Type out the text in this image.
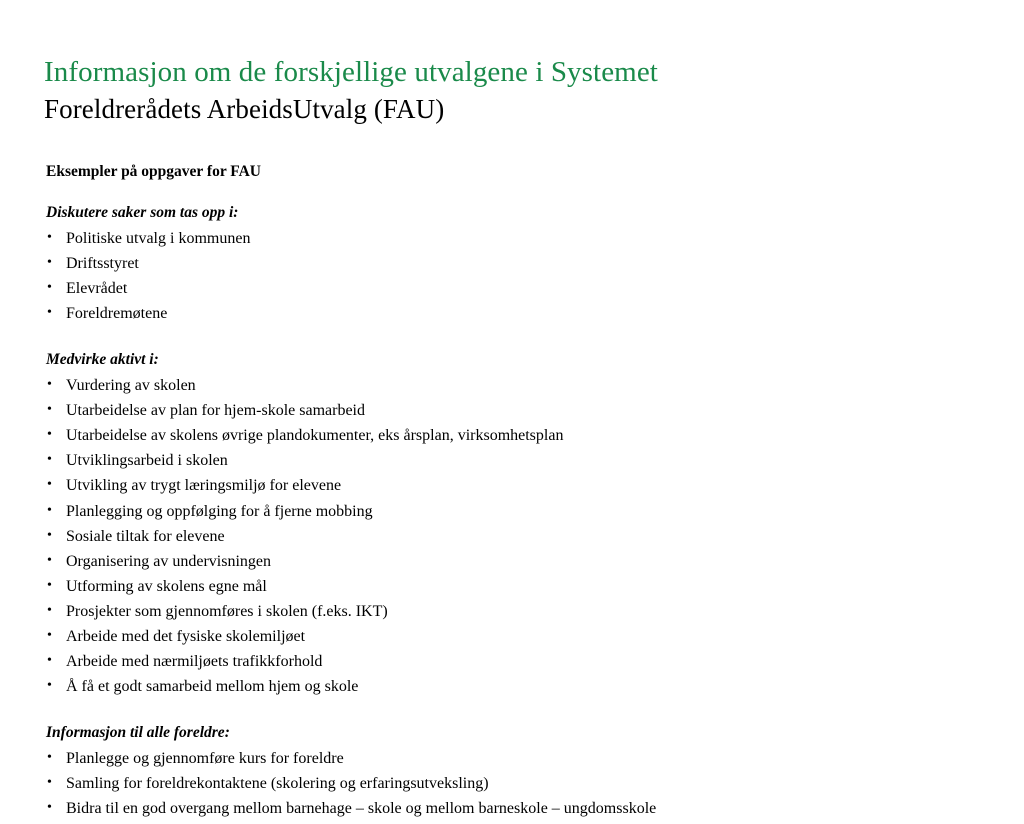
Informasjon om de forskjellige utvalgene i Systemet
Foreldrerådets ArbeidsUtvalg (FAU)

Eksempler på oppgaver for FAU

Diskutere saker som tas opp i:

• Politiske utvalg i kommunen
• Driftsstyret
• Elevrådet
• Foreldremøtene

Medvirke aktivt i:

• Vurdering av skolen
• Utarbeidelse av plan for hjem-skole samarbeid
• Utarbeidelse av skolens øvrige plandokumenter, eks årsplan, virksomhetsplan
• Utviklingsarbeid i skolen
• Utvikling av trygt læringsmiljø for elevene
• Planlegging og oppfølging for å fjerne mobbing
• Sosiale tiltak for elevene
• Organisering av undervisningen
• Utforming av skolens egne mål
• Prosjekter som gjennomføres i skolen (f.eks. IKT)
• Arbeide med det fysiske skolemiljøet
• Arbeide med nærmiljøets trafikkforhold
• Å få et godt samarbeid mellom hjem og skole

Informasjon til alle foreldre:

• Planlegge og gjennomføre kurs for foreldre
• Samling for foreldrekontaktene (skolering og erfaringsutveksling)
• Bidra til en god overgang mellom barnehage – skole og mellom barneskole – ungdomsskole
